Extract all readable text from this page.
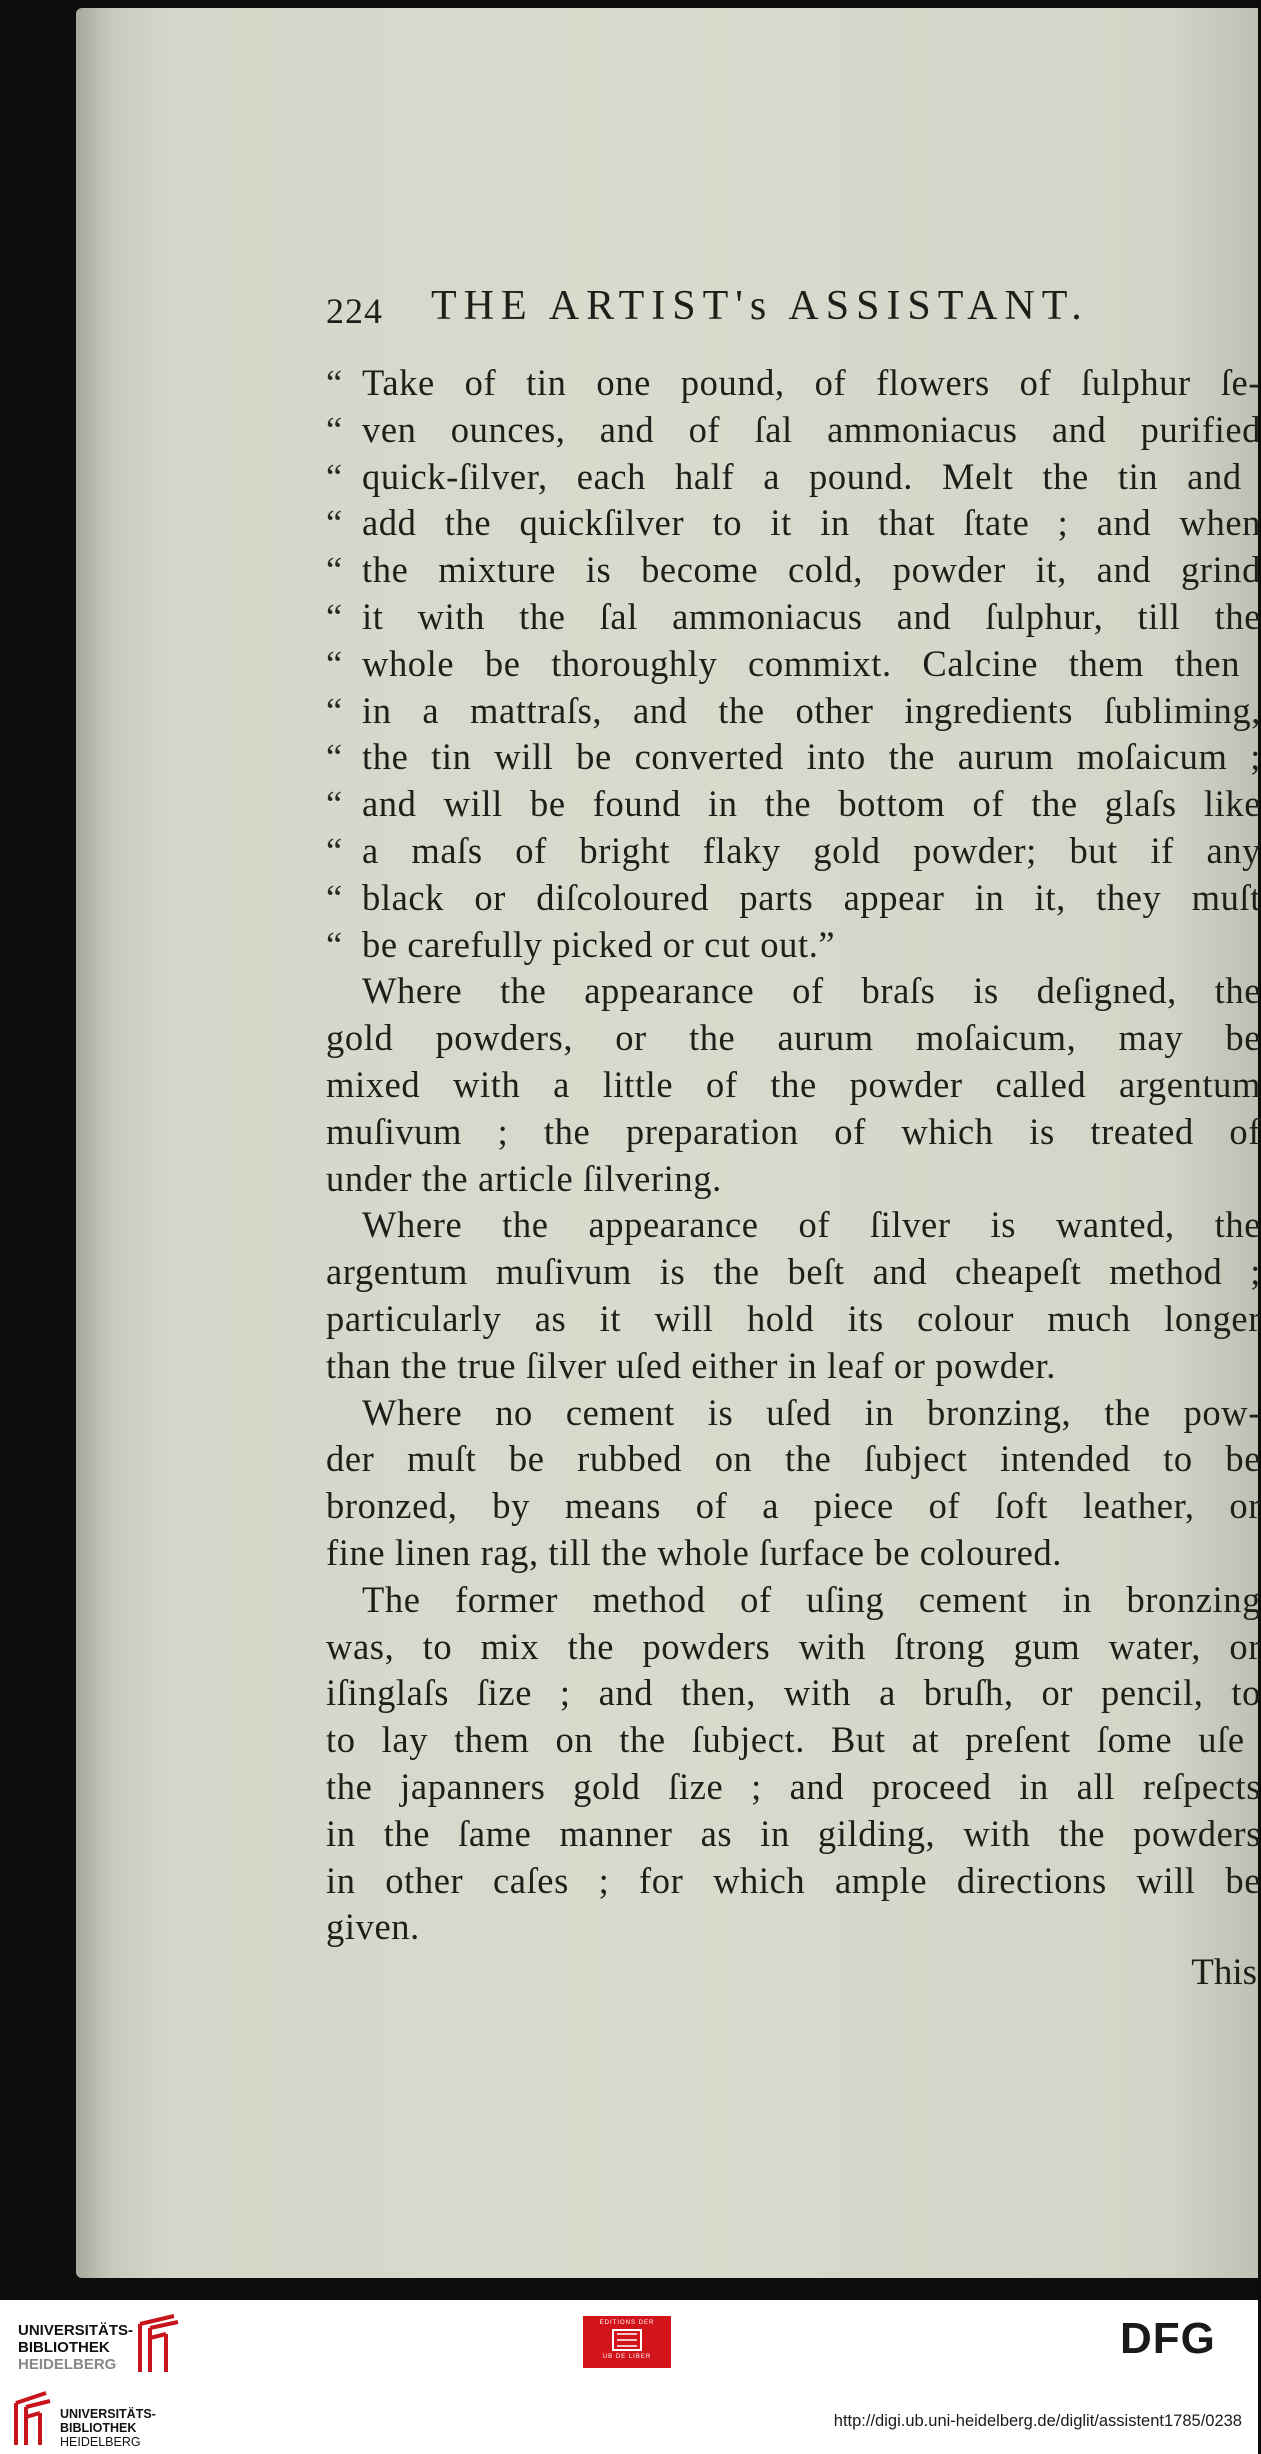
224 THE ARTIST's ASSISTANT.
“ Take of tin one pound, of flowers of ſulphur ſe-
“ ven ounces, and of ſal ammoniacus and purified
“ quick-ſilver, each half a pound. Melt the tin and
“ add the quickſilver to it in that ſtate ; and when
“ the mixture is become cold, powder it, and grind
“ it with the ſal ammoniacus and ſulphur, till the
“ whole be thoroughly commixt. Calcine them then
“ in a mattraſs, and the other ingredients ſubliming,
“ the tin will be converted into the aurum moſaicum ;
“ and will be found in the bottom of the glaſs like
“ a maſs of bright flaky gold powder; but if any
“ black or diſcoloured parts appear in it, they muſt
“ be carefully picked or cut out.”
Where the appearance of braſs is deſigned, the
gold powders, or the aurum moſaicum, may be
mixed with a little of the powder called argentum
muſivum ; the preparation of which is treated of
under the article ſilvering.
Where the appearance of ſilver is wanted, the
argentum muſivum is the beſt and cheapeſt method ;
particularly as it will hold its colour much longer
than the true ſilver uſed either in leaf or powder.
Where no cement is uſed in bronzing, the pow-
der muſt be rubbed on the ſubject intended to be
bronzed, by means of a piece of ſoft leather, or
fine linen rag, till the whole ſurface be coloured.
The former method of uſing cement in bronzing
was, to mix the powders with ſtrong gum water, or
iſinglaſs ſize ; and then, with a bruſh, or pencil, to
to lay them on the ſubject. But at preſent ſome uſe
the japanners gold ſize ; and proceed in all reſpects
in the ſame manner as in gilding, with the powders
in other caſes ; for which ample directions will be
given.
This
UNIVERSITÄTS-
BIBLIOTHEK
HEIDELBERG
UNIVERSITÄTS-
BIBLIOTHEK
HEIDELBERG
EDITIONS DER
UB DE LIBER	DFG
http://digi.ub.uni-heidelberg.de/diglit/assistent1785/0238
